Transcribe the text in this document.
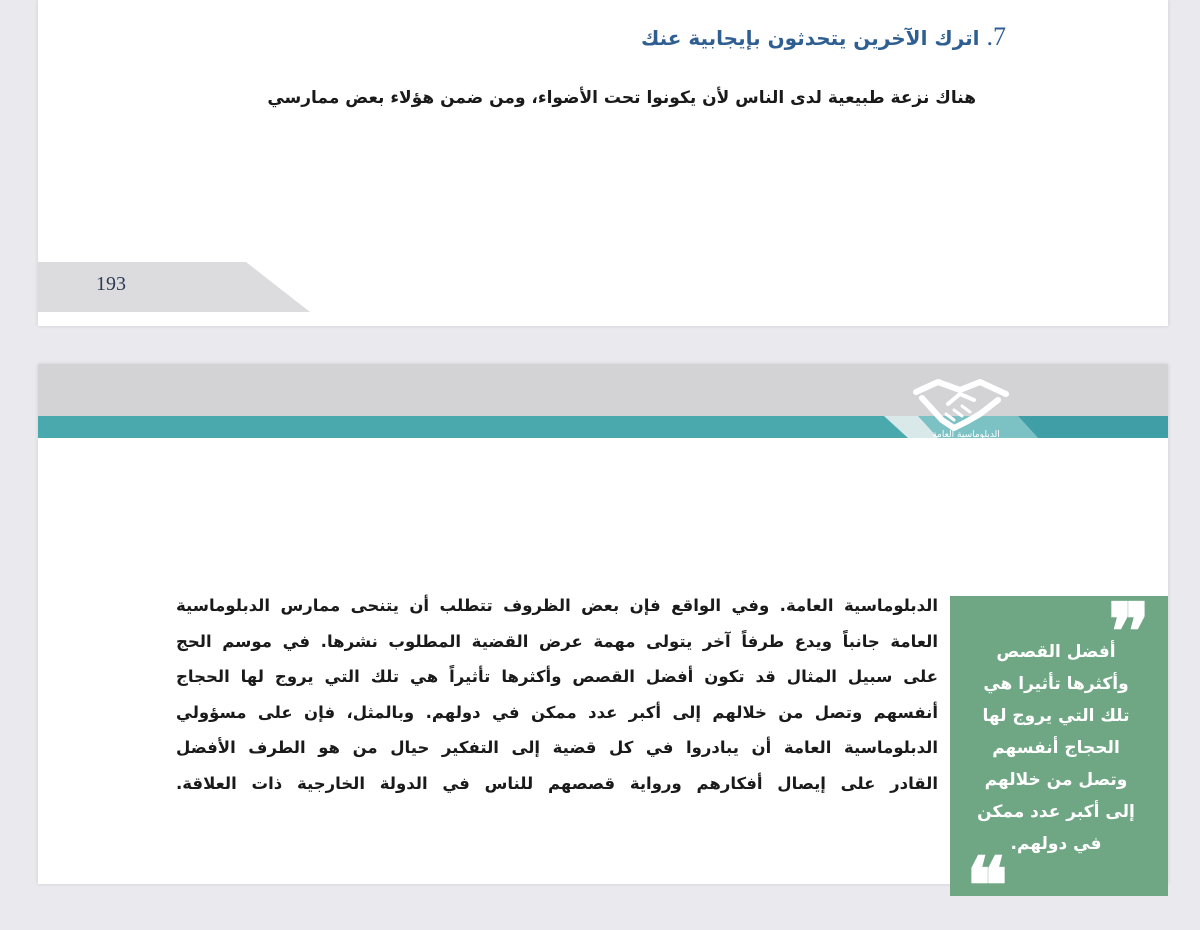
7. اترك الآخرين يتحدثون بإيجابية عنك
هناك نزعة طبيعية لدى الناس لأن يكونوا تحت الأضواء، ومن ضمن هؤلاء بعض ممارسي
193
الدبلوماسية العامة
❞
أفضل القصص
وأكثرها تأثيرا هي
تلك التي يروج لها
الحجاج أنفسهم
وتصل من خلالهم
إلى أكبر عدد ممكن
في دولهم.
❝
الدبلوماسية العامة. وفي الواقع فإن بعض الظروف تتطلب أن يتنحى ممارس الدبلوماسية
العامة جانباً ويدع طرفاً آخر يتولى مهمة عرض القضية المطلوب نشرها. في موسم الحج
على سبيل المثال قد تكون أفضل القصص وأكثرها تأثيراً هي تلك التي يروج لها الحجاج
أنفسهم وتصل من خلالهم إلى أكبر عدد ممكن في دولهم. وبالمثل، فإن على مسؤولي
الدبلوماسية العامة أن يبادروا في كل قضية إلى التفكير حيال من هو الطرف الأفضل
القادر على إيصال أفكارهم ورواية قصصهم للناس في الدولة الخارجية ذات العلاقة.
